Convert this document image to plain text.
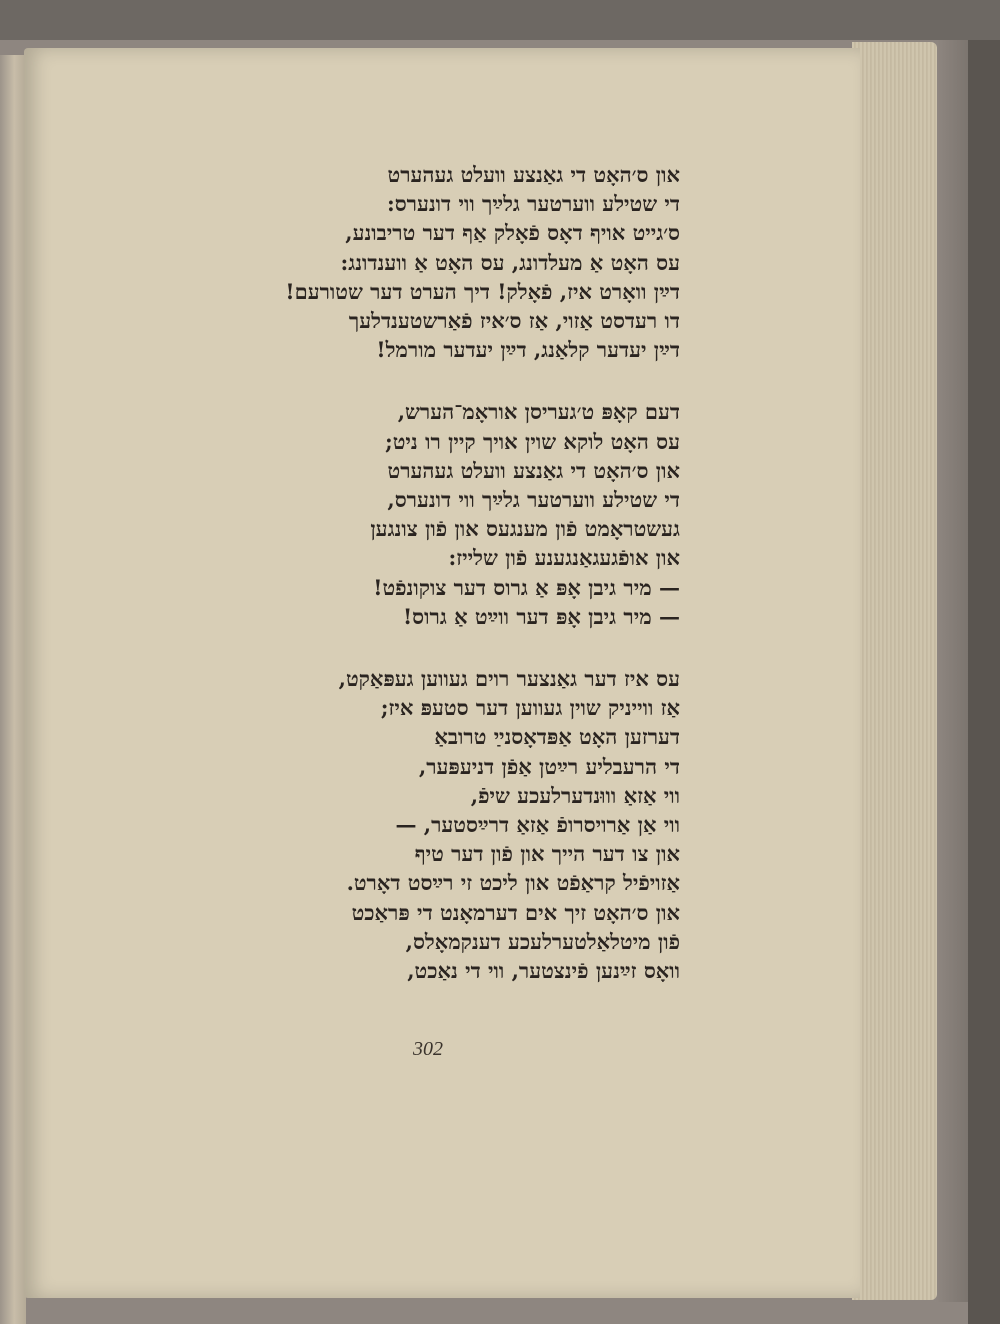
און ס׳האָט די גאַנצע וועלט געהערט
די שטילע ווערטער גלײַך ווי דונערס:
ס׳גייט אויף דאָס פֿאָלק אַף דער טריבונע,
עס האָט אַ מעלדונג, עס האָט אַ ווענדונג:
דײַן וואָרט איז, פֿאָלק! דיך הערט דער שטורעם!
דו רעדסט אַזוי, אַז ס׳איז פֿאַרשטענדלעך
דײַן יעדער קלאַנג, דײַן יעדער מורמל!
דעם קאָפּ ט׳געריסן אוראָמ־הערש,
עס האָט לוקא שוין אויך קיין רו ניט;
און ס׳האָט די גאַנצע וועלט געהערט
די שטילע ווערטער גלײַך ווי דונערס,
געשטראָמט פֿון מענגעס און פֿון צונגען
און אופֿגעגאַנגענע פֿון שלייז:
— מיר גיבן אָפּ אַ גרוס דער צוקונפֿט!
— מיר גיבן אָפּ דער ווײַט אַ גרוס!
עס איז דער גאַנצער רוים געווען געפּאַקט,
אַז ווייניק שוין געווען דער סטעפּ איז;
דערזען האָט אַפּדאָסנײַ טרובאַ
די הרעבליע רײַטן אַפֿן דניעפּער,
ווי אַזאַ וווּנדערלעכע שיפֿ,
ווי אַן אַרויסרופֿ אַזאַ דרײַסטער, —
און צו דער הייך און פֿון דער טיף
אַזויפֿיל קראַפֿט און ליכט זי רײַסט דאָרט.
און ס׳האָט זיך אים דערמאָנט די פּראַכט
פֿון מיטלאַלטערלעכע דענקמאָלס,
וואָס זײַנען פֿינצטער, ווי די נאַכט,
302
